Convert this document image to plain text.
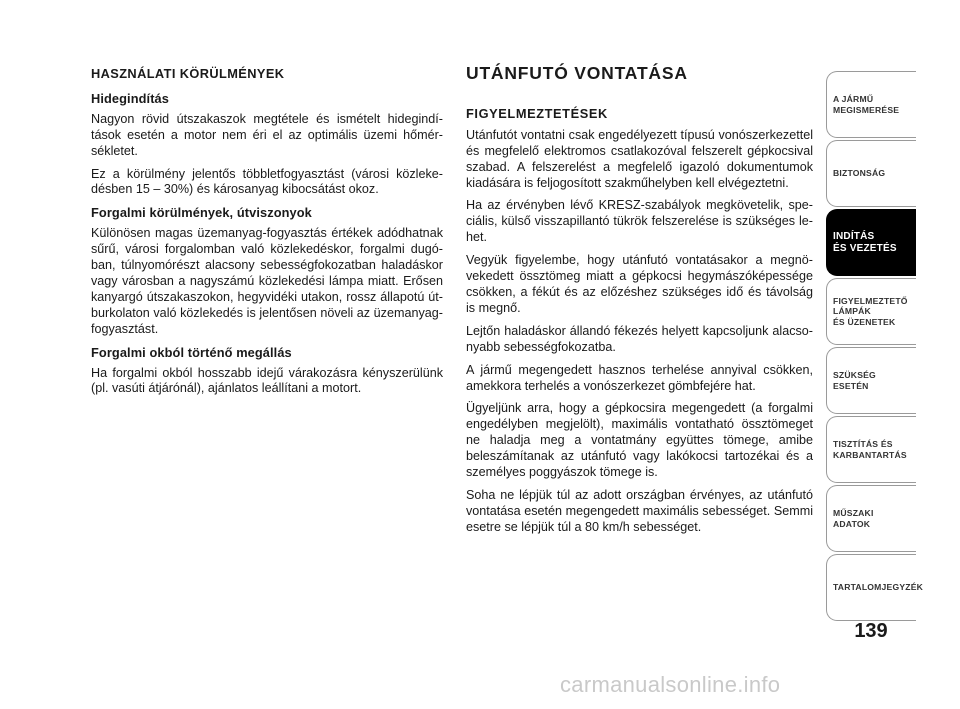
HASZNÁLATI KÖRÜLMÉNYEK
Hidegindítás

Nagyon rövid útszakaszok megtétele és ismételt hidegindítások esetén a motor nem éri el az optimális üzemi hőmérsékletet.

Ez a körülmény jelentős többletfogyasztást (városi közlekedésben 15 – 30%) és károsanyag kibocsátást okoz.

Forgalmi körülmények, útviszonyok

Különösen magas üzemanyag-fogyasztás értékek adódhatnak sűrű, városi forgalomban való közlekedéskor, forgalmi dugóban, túlnyomórészt alacsony sebességfokozatban haladáskor vagy városban a nagyszámú közlekedési lámpa miatt. Erősen kanyargó útszakaszokon, hegyvidéki utakon, rossz állapotú útburkolaton való közlekedés is jelentősen növeli az üzemanyagfogyasztást.

Forgalmi okból történő megállás

Ha forgalmi okból hosszabb idejű várakozásra kényszerülünk (pl. vasúti átjárónál), ajánlatos leállítani a motort.

UTÁNFUTÓ VONTATÁSA
FIGYELMEZTETÉSEK

Utánfutót vontatni csak engedélyezett típusú vonószerkezettel és megfelelő elektromos csatlakozóval felszerelt gépkocsival szabad. A felszerelést a megfelelő igazoló dokumentumok kiadására is feljogosított szakműhelyben kell elvégeztetni.

Ha az érvényben lévő KRESZ-szabályok megkövetelik, speciális, külső visszapillantó tükrök felszerelése is szükséges lehet.

Vegyük figyelembe, hogy utánfutó vontatásakor a megnövekedett össztömeg miatt a gépkocsi hegymászóképessége csökken, a fékút és az előzéshez szükséges idő és távolság is megnő.

Lejtőn haladáskor állandó fékezés helyett kapcsoljunk alacsonyabb sebességfokozatba.

A jármű megengedett hasznos terhelése annyival csökken, amekkora terhelés a vonószerkezet gömbfejére hat.

Ügyeljünk arra, hogy a gépkocsira megengedett (a forgalmi engedélyben megjelölt), maximális vontatható össztömeget ne haladja meg a vontatmány együttes tömege, amibe beleszámítanak az utánfutó vagy lakókocsi tartozékai és a személyes poggyászok tömege is.

Soha ne lépjük túl az adott országban érvényes, az utánfutó vontatása esetén megengedett maximális sebességet. Semmi esetre se lépjük túl a 80 km/h sebességet.

A JÁRMŰ
MEGISMERÉSE
BIZTONSÁG
INDÍTÁS
ÉS VEZETÉS
FIGYELMEZTETŐ
LÁMPÁK
ÉS ÜZENETEK
SZÜKSÉG
ESETÉN
TISZTÍTÁS ÉS
KARBANTARTÁS
MŰSZAKI
ADATOK
TARTALOMJEGYZÉK
139
carmanualsonline.info
